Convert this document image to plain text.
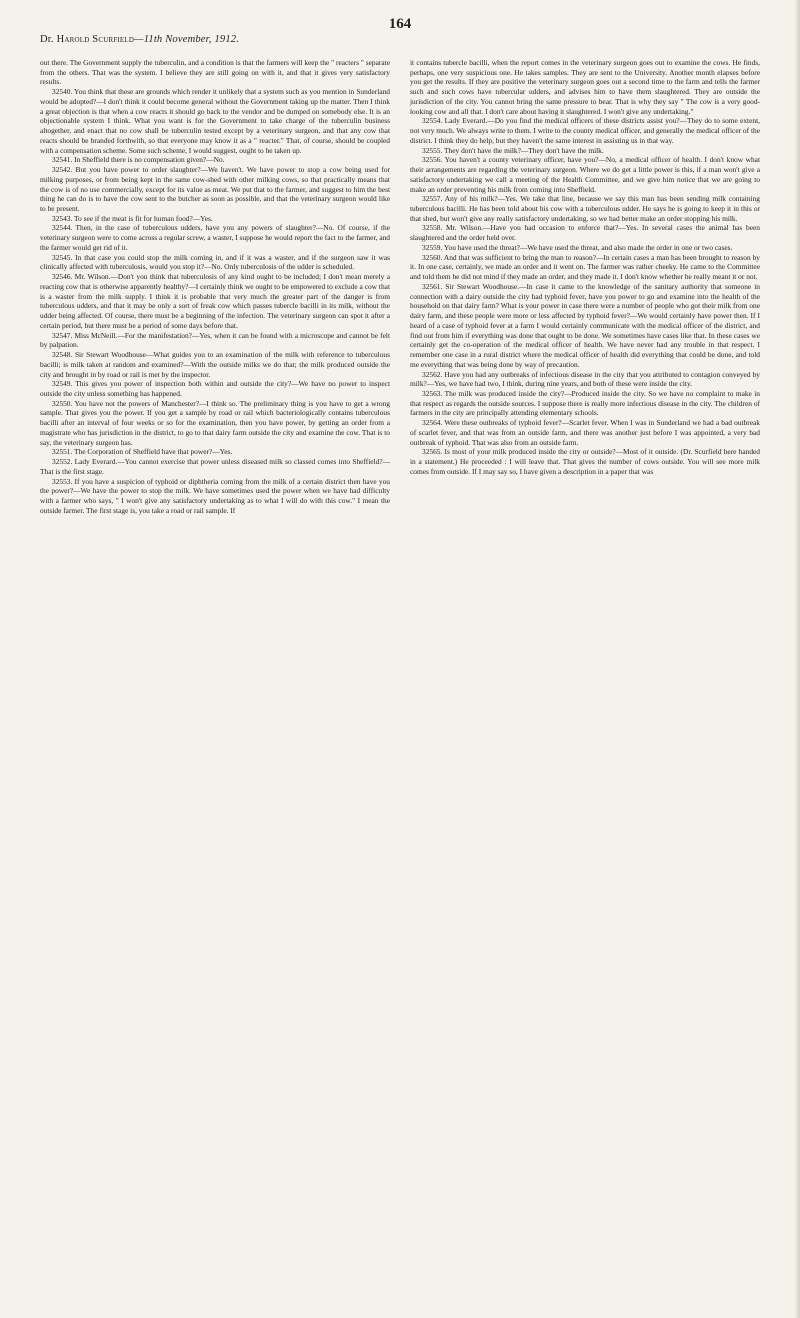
164
Dr. Harold Scurfield—11th November, 1912.

out there. The Government supply the tuberculin, and a condition is that the farmers will keep the " reacters " separate from the others. That was the system. I believe they are still going on with it, and that it gives very satisfactory results.

32540. You think that these are grounds which render it unlikely that a system such as you mention in Sunderland would be adopted?—I don't think it could become general without the Government taking up the matter. Then I think a great objection is that when a cow reacts it should go back to the vendor and be dumped on somebody else. It is an objectionable system I think. What you want is for the Government to take charge of the tuberculin business altogether, and enact that no cow shall be tuberculin tested except by a veterinary surgeon, and that any cow that reacts should be branded forthwith, so that everyone may know it as a " reacter." That, of course, should be coupled with a compensation scheme. Some such scheme, I would suggest, ought to be taken up.

32541. In Sheffield there is no compensation given?—No.

32542. But you have power to order slaughter?—We haven't. We have power to stop a cow being used for milking purposes, or from being kept in the same cow-shed with other milking cows, so that practically means that the cow is of no use commercially, except for its value as meat. We put that to the farmer, and suggest to him the best thing he can do is to have the cow sent to the butcher as soon as possible, and that the veterinary surgeon would like to be present.

32543. To see if the meat is fit for human food?—Yes.

32544. Then, in the case of tuberculous udders, have you any powers of slaughter?—No. Of course, if the veterinary surgeon were to come across a regular screw, a waster, I suppose he would report the fact to the farmer, and the farmer would get rid of it.

32545. In that case you could stop the milk coming in, and if it was a waster, and if the surgeon saw it was clinically affected with tuberculosis, would you stop it?—No. Only tuberculosis of the udder is scheduled.

32546. Mr. Wilson.—Don't you think that tuberculosis of any kind ought to be included; I don't mean merely a reacting cow that is otherwise apparently healthy?—I certainly think we ought to be empowered to exclude a cow that is a waster from the milk supply. I think it is probable that very much the greater part of the danger is from tuberculous udders, and that it may be only a sort of freak cow which passes tubercle bacilli in its milk, without the udder being affected. Of course, there must be a beginning of the infection. The veterinary surgeon can spot it after a certain period, but there must be a period of some days before that.

32547. Miss McNeill.—For the manifestation?—Yes, when it can be found with a microscope and cannot be felt by palpation.

32548. Sir Stewart Woodhouse—What guides you to an examination of the milk with reference to tuberculous bacilli; is milk taken at random and examined?—With the outside milks we do that; the milk produced outside the city and brought in by road or rail is met by the inspector.

32549. This gives you power of inspection both within and outside the city?—We have no power to inspect outside the city unless something has happened.

32550. You have not the powers of Manchester?—I think so. The preliminary thing is you have to get a wrong sample. That gives you the power. If you get a sample by road or rail which bacteriologically contains tuberculous bacilli after an interval of four weeks or so for the examination, then you have power, by getting an order from a magistrate who has jurisdiction in the district, to go to that dairy farm outside the city and examine the cow. That is to say, the veterinary surgeon has.

32551. The Corporation of Sheffield have that power?—Yes.

32552. Lady Everard.—You cannot exercise that power unless diseased milk so classed comes into Sheffield?—That is the first stage.

32553. If you have a suspicion of typhoid or diphtheria coming from the milk of a certain district then have you the power?—We have the power to stop the milk. We have sometimes used the power when we have had difficulty with a farmer who says, " I won't give any satisfactory undertaking as to what I will do with this cow." I mean the outside farmer. The first stage is, you take a road or rail sample. If

it contains tubercle bacilli, when the report comes in the veterinary surgeon goes out to examine the cows. He finds, perhaps, one very suspicious one. He takes samples. They are sent to the University. Another month elapses before you get the results. If they are positive the veterinary surgeon goes out a second time to the farm and tells the farmer such and such cows have tubercular udders, and advises him to have them slaughtered. They are outside the jurisdiction of the city. You cannot bring the same pressure to bear. That is why they say " The cow is a very good-looking cow and all that. I don't care about having it slaughtered. I won't give any undertaking."

32554. Lady Everard.—Do you find the medical officers of these districts assist you?—They do to some extent, not very much. We always write to them. I write to the county medical officer, and generally the medical officer of the district. I think they do help, but they haven't the same interest in assisting us in that way.

32555. They don't have the milk?—They don't have the milk.

32556. You haven't a county veterinary officer, have you?—No, a medical officer of health. I don't know what their arrangements are regarding the veterinary surgeon. Where we do get a little power is this, if a man won't give a satisfactory undertaking we call a meeting of the Health Committee, and we give him notice that we are going to make an order preventing his milk from coming into Sheffield.

32557. Any of his milk?—Yes. We take that line, because we say this man has been sending milk containing tuberculous bacilli. He has been told about his cow with a tuberculous udder. He says he is going to keep it in this or that shed, but won't give any really satisfactory undertaking, so we had better make an order stopping his milk.

32558. Mr. Wilson.—Have you had occasion to enforce that?—Yes. In several cases the animal has been slaughtered and the order held over.

32559. You have used the threat?—We have used the threat, and also made the order in one or two cases.

32560. And that was sufficient to bring the man to reason?—In certain cases a man has been brought to reason by it. In one case, certainly, we made an order and it went on. The farmer was rather cheeky. He came to the Committee and told them he did not mind if they made an order, and they made it. I don't know whether he really meant it or not.

32561. Sir Stewart Woodhouse.—In case it came to the knowledge of the sanitary authority that someone in connection with a dairy outside the city had typhoid fever, have you power to go and examine into the health of the household on that dairy farm? What is your power in case there were a number of people who got their milk from one dairy farm, and these people were more or less affected by typhoid fever?—We would certainly have power then. If I heard of a case of typhoid fever at a farm I would certainly communicate with the medical officer of the district, and find out from him if everything was done that ought to be done. We sometimes have cases like that. In these cases we certainly get the co-operation of the medical officer of health. We have never had any trouble in that respect. I remember one case in a rural district where the medical officer of health did everything that could be done, and told me everything that was being done by way of precaution.

32562. Have you had any outbreaks of infectious disease in the city that you attributed to contagion conveyed by milk?—Yes, we have had two, I think, during nine years, and both of these were inside the city.

32563. The milk was produced inside the city?—Produced inside the city. So we have no complaint to make in that respect as regards the outside sources. I suppose there is really more infectious disease in the city. The children of farmers in the city are principally attending elementary schools.

32564. Were these outbreaks of typhoid fever?—Scarlet fever. When I was in Sunderland we had a bad outbreak of scarlet fever, and that was from an outside farm, and there was another just before I was appointed, a very bad outbreak of typhoid. That was also from an outside farm.

32565. Is most of your milk produced inside the city or outside?—Most of it outside. (Dr. Scurfield here handed in a statement.) He proceeded : I will leave that. That gives the number of cows outside. You will see more milk comes from outside. If I may say so, I have given a description in a paper that was
